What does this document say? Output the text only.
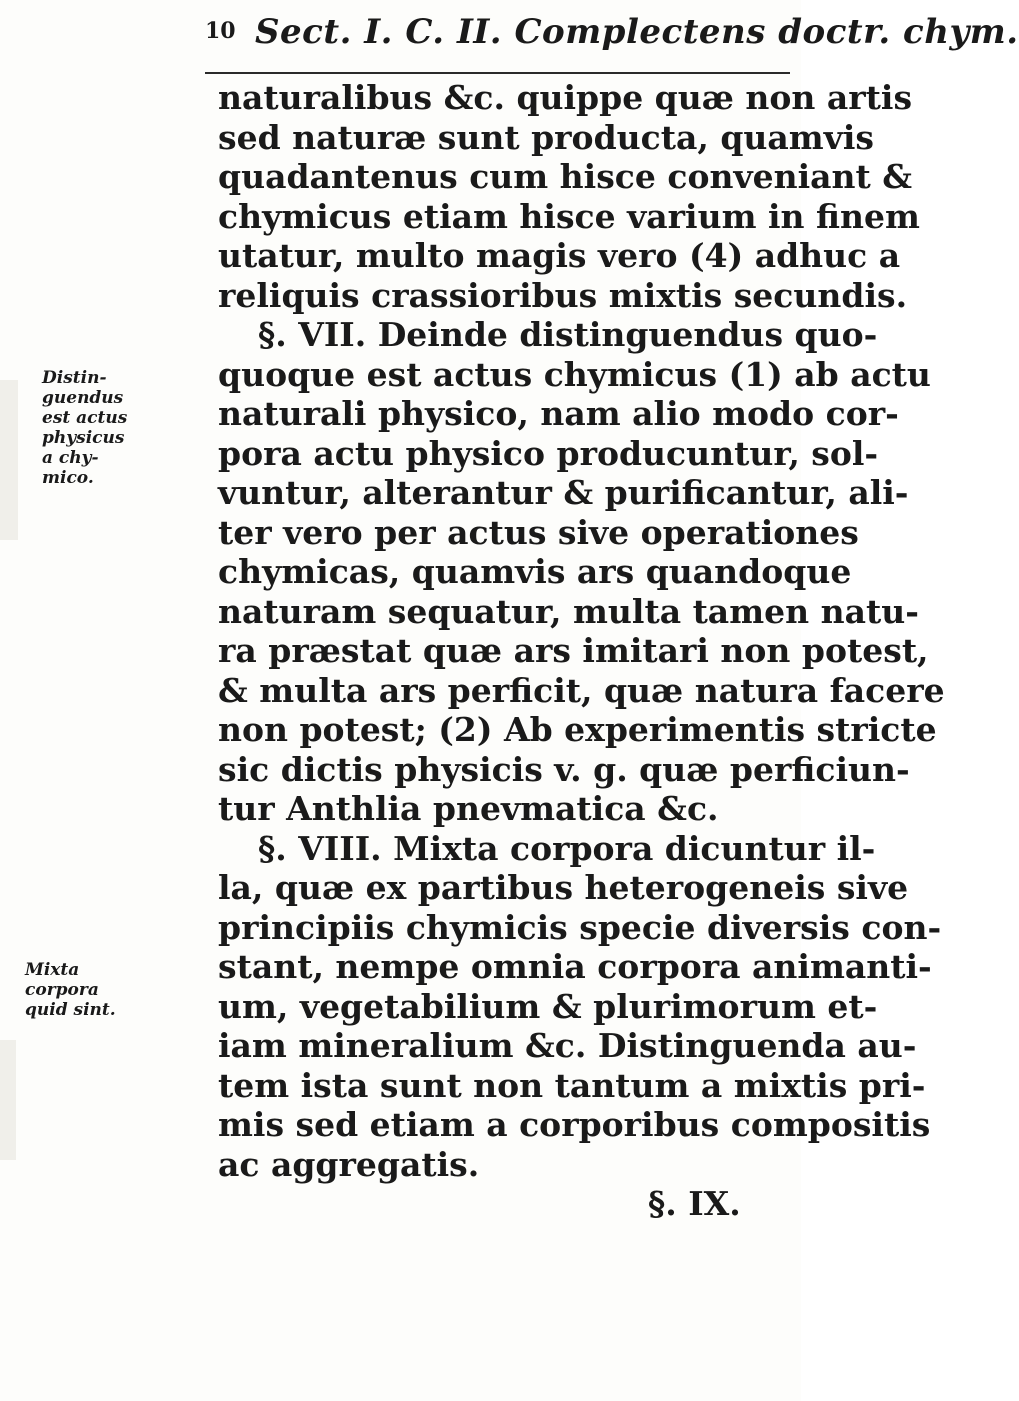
10 Sect. I. C. II. Complectens doctr. chym.
Distin-
guendus
est actus
physicus
a chy-
mico.
Mixta
corpora
quid sint.
naturalibus &c. quippe quæ non artis
sed naturæ sunt producta, quamvis
quadantenus cum hisce conveniant &
chymicus etiam hisce varium in finem
utatur, multo magis vero (4) adhuc a
reliquis crassioribus mixtis secundis.
§. VII. Deinde distinguendus quo-
quoque est actus chymicus (1) ab actu
naturali physico, nam alio modo cor-
pora actu physico producuntur, sol-
vuntur, alterantur & purificantur, ali-
ter vero per actus sive operationes
chymicas, quamvis ars quandoque
naturam sequatur, multa tamen natu-
ra præstat quæ ars imitari non potest,
& multa ars perficit, quæ natura facere
non potest; (2) Ab experimentis stricte
sic dictis physicis v. g. quæ perficiun-
tur Anthlia pnevmatica &c.
§. VIII. Mixta corpora dicuntur il-
la, quæ ex partibus heterogeneis sive
principiis chymicis specie diversis con-
stant, nempe omnia corpora animanti-
um, vegetabilium & plurimorum et-
iam mineralium &c. Distinguenda au-
tem ista sunt non tantum a mixtis pri-
mis sed etiam a corporibus compositis
ac aggregatis.
§. IX.
